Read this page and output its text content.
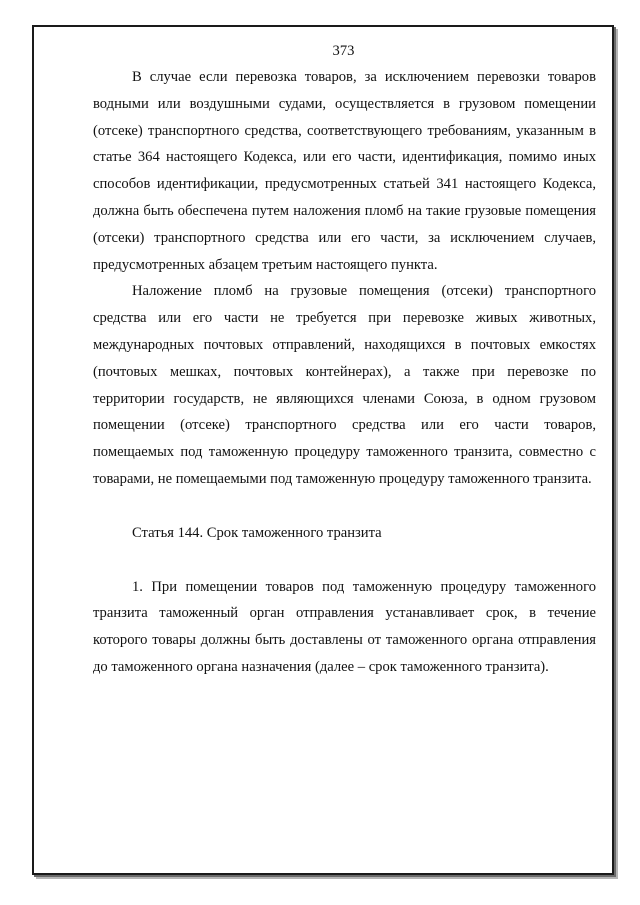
373

В случае если перевозка товаров, за исключением перевозки товаров водными или воздушными судами, осуществляется в грузовом помещении (отсеке) транспортного средства, соответствующего требованиям, указанным в статье 364 настоящего Кодекса, или его части, идентификация, помимо иных способов идентификации, предусмотренных статьей 341 настоящего Кодекса, должна быть обеспечена путем наложения пломб на такие грузовые помещения (отсеки) транспортного средства или его части, за исключением случаев, предусмотренных абзацем третьим настоящего пункта.

Наложение пломб на грузовые помещения (отсеки) транспортного средства или его части не требуется при перевозке живых животных, международных почтовых отправлений, находящихся в почтовых емкостях (почтовых мешках, почтовых контейнерах), а также при перевозке по территории государств, не являющихся членами Союза, в одном грузовом помещении (отсеке) транспортного средства или его части товаров, помещаемых под таможенную процедуру таможенного транзита, совместно с товарами, не помещаемыми под таможенную процедуру таможенного транзита.

Статья 144. Срок таможенного транзита

1. При помещении товаров под таможенную процедуру таможенного транзита таможенный орган отправления устанавливает срок, в течение которого товары должны быть доставлены от таможенного органа отправления до таможенного органа назначения (далее – срок таможенного транзита).
